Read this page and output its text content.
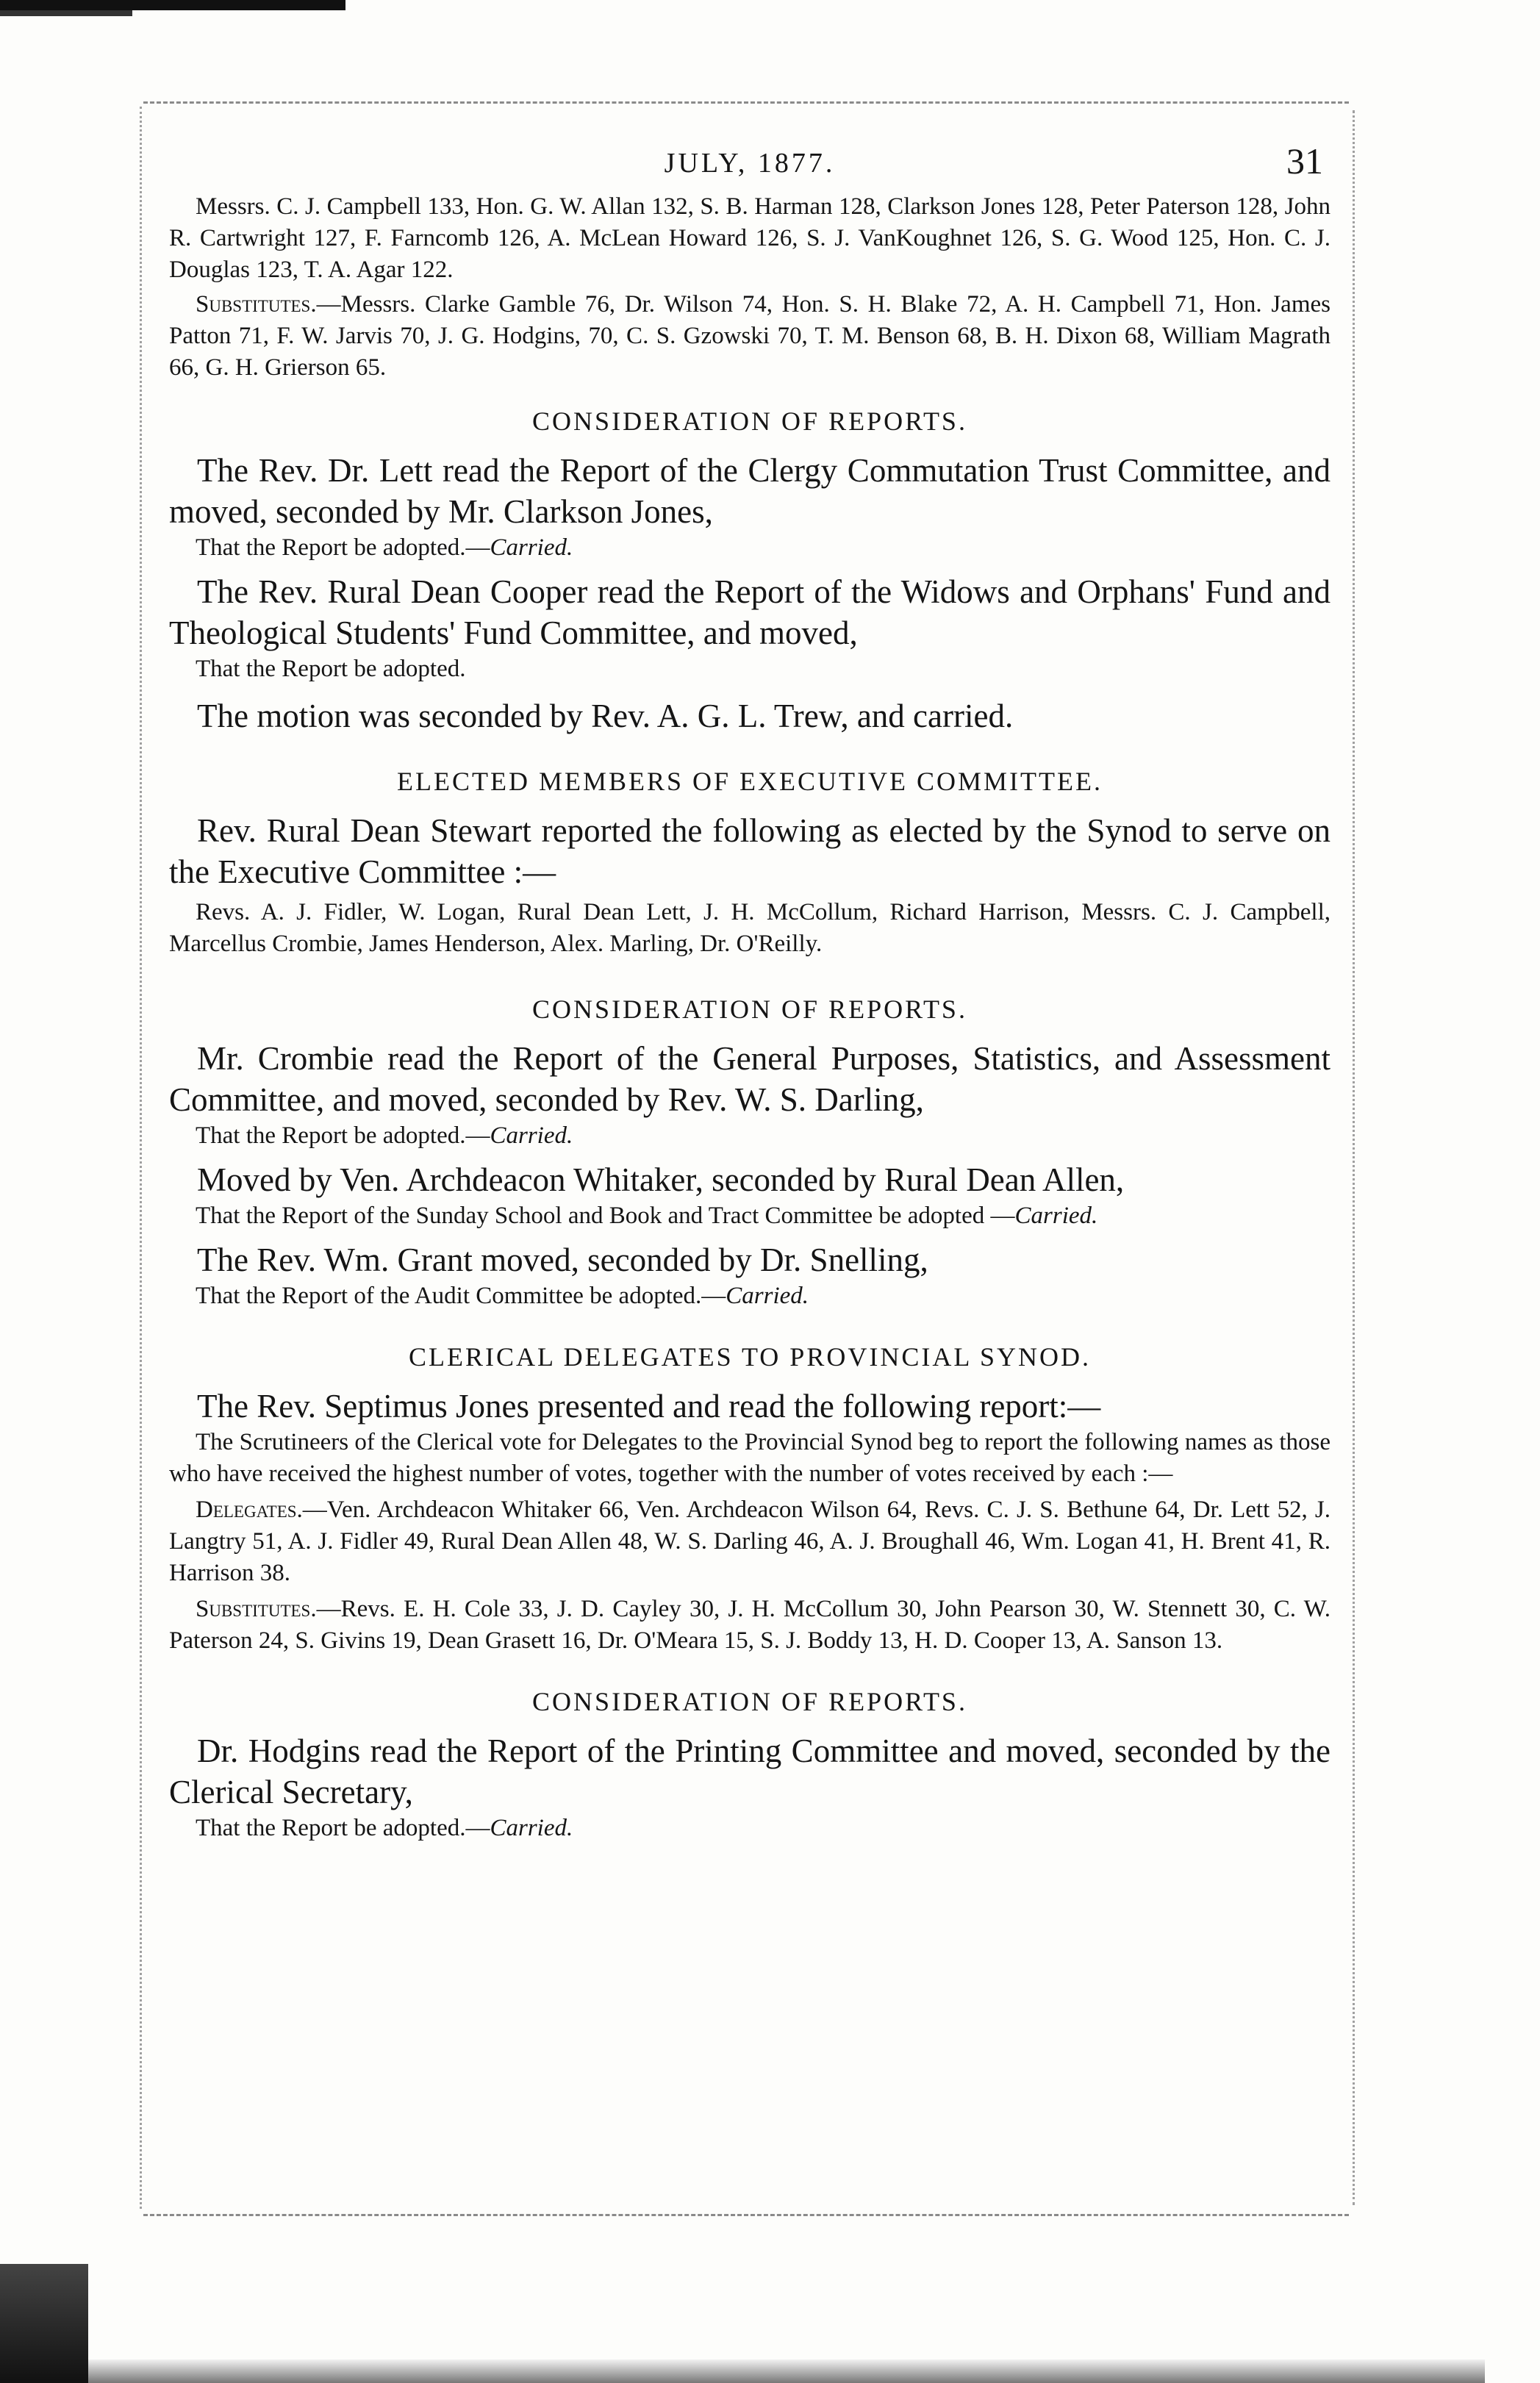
JULY, 1877.	31

Messrs. C. J. Campbell 133, Hon. G. W. Allan 132, S. B. Harman 128, Clarkson Jones 128, Peter Paterson 128, John R. Cartwright 127, F. Farncomb 126, A. McLean Howard 126, S. J. VanKoughnet 126, S. G. Wood 125, Hon. C. J. Douglas 123, T. A. Agar 122.

Substitutes.—Messrs. Clarke Gamble 76, Dr. Wilson 74, Hon. S. H. Blake 72, A. H. Campbell 71, Hon. James Patton 71, F. W. Jarvis 70, J. G. Hodgins, 70, C. S. Gzowski 70, T. M. Benson 68, B. H. Dixon 68, William Magrath 66, G. H. Grierson 65.

CONSIDERATION OF REPORTS.

The Rev. Dr. Lett read the Report of the Clergy Commutation Trust Committee, and moved, seconded by Mr. Clarkson Jones,

That the Report be adopted.—Carried.

The Rev. Rural Dean Cooper read the Report of the Widows and Orphans' Fund and Theological Students' Fund Committee, and moved,

That the Report be adopted.

The motion was seconded by Rev. A. G. L. Trew, and carried.

ELECTED MEMBERS OF EXECUTIVE COMMITTEE.

Rev. Rural Dean Stewart reported the following as elected by the Synod to serve on the Executive Committee :—

Revs. A. J. Fidler, W. Logan, Rural Dean Lett, J. H. McCollum, Richard Harrison, Messrs. C. J. Campbell, Marcellus Crombie, James Henderson, Alex. Marling, Dr. O'Reilly.

CONSIDERATION OF REPORTS.

Mr. Crombie read the Report of the General Purposes, Statistics, and Assessment Committee, and moved, seconded by Rev. W. S. Darling,

That the Report be adopted.—Carried.

Moved by Ven. Archdeacon Whitaker, seconded by Rural Dean Allen,

That the Report of the Sunday School and Book and Tract Committee be adopted —Carried.

The Rev. Wm. Grant moved, seconded by Dr. Snelling,

That the Report of the Audit Committee be adopted.—Carried.

CLERICAL DELEGATES TO PROVINCIAL SYNOD.

The Rev. Septimus Jones presented and read the following report:—

The Scrutineers of the Clerical vote for Delegates to the Provincial Synod beg to report the following names as those who have received the highest number of votes, together with the number of votes received by each :—

Delegates.—Ven. Archdeacon Whitaker 66, Ven. Archdeacon Wilson 64, Revs. C. J. S. Bethune 64, Dr. Lett 52, J. Langtry 51, A. J. Fidler 49, Rural Dean Allen 48, W. S. Darling 46, A. J. Broughall 46, Wm. Logan 41, H. Brent 41, R. Harrison 38.

Substitutes.—Revs. E. H. Cole 33, J. D. Cayley 30, J. H. McCollum 30, John Pearson 30, W. Stennett 30, C. W. Paterson 24, S. Givins 19, Dean Grasett 16, Dr. O'Meara 15, S. J. Boddy 13, H. D. Cooper 13, A. Sanson 13.

CONSIDERATION OF REPORTS.

Dr. Hodgins read the Report of the Printing Committee and moved, seconded by the Clerical Secretary,

That the Report be adopted.—Carried.
